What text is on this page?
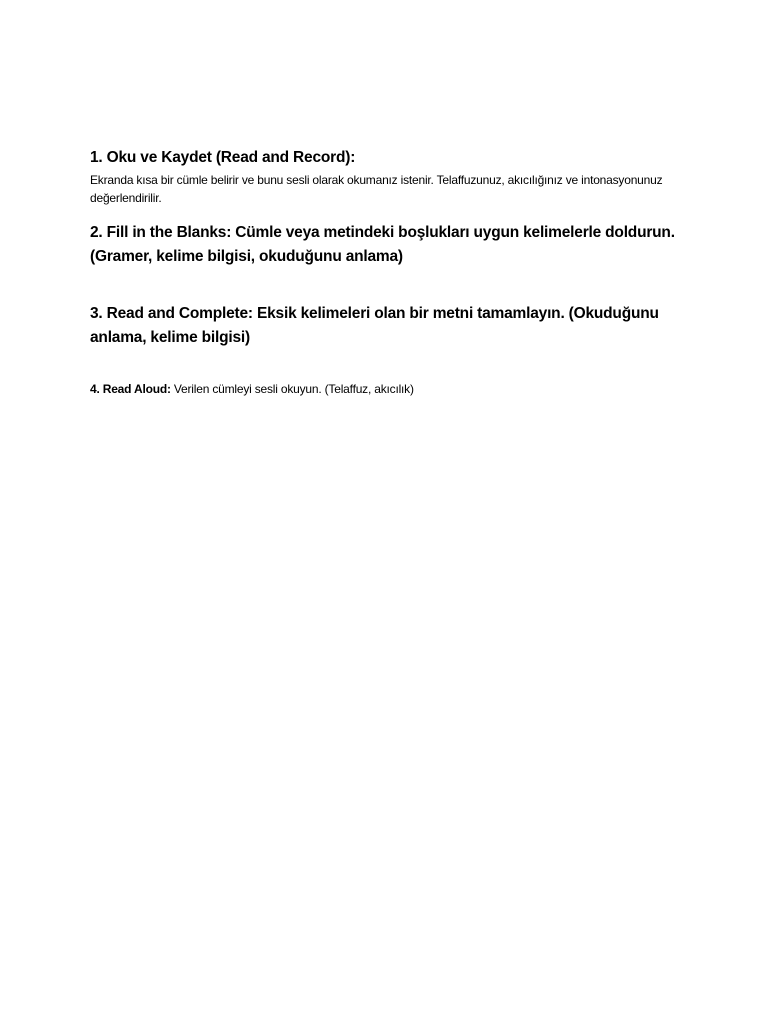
1. Oku ve Kaydet (Read and Record):

Ekranda kısa bir cümle belirir ve bunu sesli olarak okumanız istenir. Telaffuzunuz, akıcılığınız ve intonasyonunuz değerlendirilir.

2. Fill in the Blanks: Cümle veya metindeki boşlukları uygun kelimelerle doldurun. (Gramer, kelime bilgisi, okuduğunu anlama)
3. Read and Complete: Eksik kelimeleri olan bir metni tamamlayın. (Okuduğunu anlama, kelime bilgisi)

4. Read Aloud: Verilen cümleyi sesli okuyun. (Telaffuz, akıcılık)
